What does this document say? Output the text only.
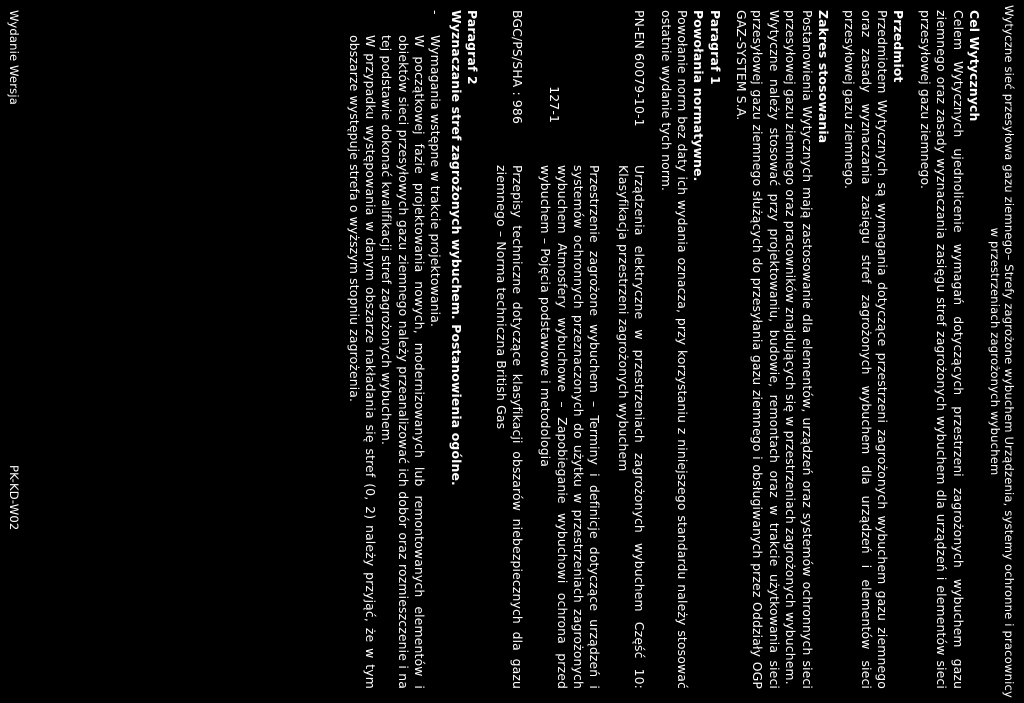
Wytyczne sieć przesyłowa gazu ziemnego– Strefy zagrożone wybuchem Urządzenia, systemy ochronne i pracownicy
w przestrzeniach zagrożonych wybuchem

Cel Wytycznych

Celem Wytycznych ujednolicenie wymagań dotyczących przestrzeni zagrożonych wybuchem gazu ziemnego oraz zasady wyznaczania zasięgu stref zagrożonych wybuchem dla urządzeń i elementów sieci przesyłowej gazu ziemnego.

Przedmiot

Przedmiotem Wytycznych są wymagania dotyczące przestrzeni zagrożonych wybuchem gazu ziemnego oraz zasady wyznaczania zasięgu stref zagrożonych wybuchem dla urządzeń i elementów sieci przesyłowej gazu ziemnego.

Zakres stosowania

Postanowienia Wytycznych mają zastosowanie dla elementów, urządzeń oraz systemów ochronnych sieci przesyłowej gazu ziemnego oraz pracowników znajdujących się w przestrzeniach zagrożonych wybuchem.

Wytyczne należy stosować przy projektowaniu, budowie, remontach oraz w trakcie użytkowania sieci przesyłowej gazu ziemnego służących do przesyłania gazu ziemnego i obsługiwanych przez Oddziały OGP GAZ-SYSTEM S.A.

Paragraf 1

Powołania normatywne.

Powołanie norm bez daty ich wydania oznacza, przy korzystaniu z niniejszego standardu należy stosować ostatnie wydanie tych norm.

PN-EN 60079-10-1
Urządzenia elektryczne w przestrzeniach zagrożonych wybuchem Część 10: Klasyfikacja przestrzeni zagrożonych wybuchem
127-1
Przestrzenie zagrożone wybuchem – Terminy i definicje dotyczące urządzeń i systemów ochronnych przeznaczonych do użytku w przestrzeniach zagrożonych wybuchem Atmosfery wybuchowe – Zapobieganie wybuchowi ochrona przed wybuchem – Pojęcia podstawowe i metodologia
BGC/PS/SHA : 986
Przepisy techniczne dotyczące klasyfikacji obszarów niebezpiecznych dla gazu ziemnego – Norma techniczna British Gas

Paragraf 2

Wyznaczanie stref zagrożonych wybuchem. Postanowienia ogólne.

-
Wymagania wstępne w trakcie projektowania.
W początkowej fazie projektowania nowych, modernizowanych lub remontowanych elementów i obiektów sieci przesyłowych gazu ziemnego należy przeanalizować ich dobór oraz rozmieszczenie i na tej podstawie dokonać kwalifikacji stref zagrożonych wybuchem.
W przypadku występowania w danym obszarze nakładania się stref (0, 2) należy przyjąć, że w tym obszarze występuje strefa o wyższym stopniu zagrożenia.
Wydanie
Wersja
PK-KD-W02
